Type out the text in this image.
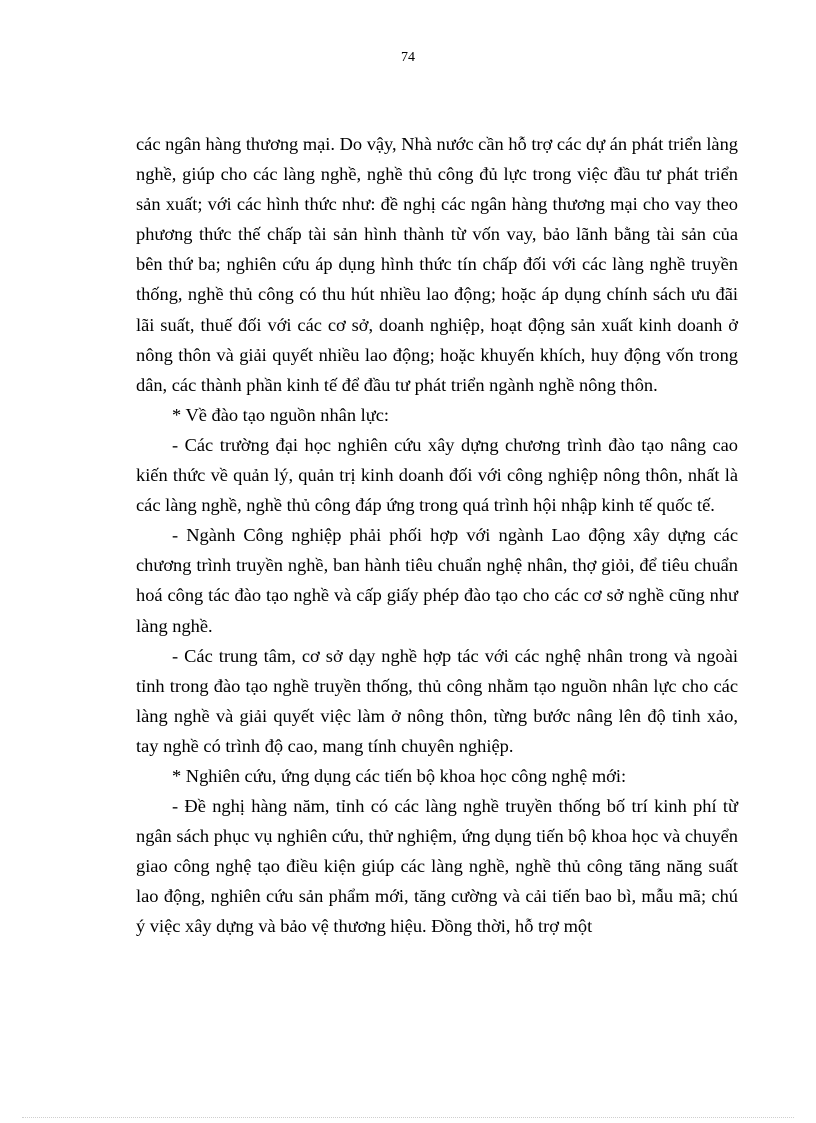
74

các ngân hàng thương mại. Do vậy, Nhà nước cần hỗ trợ các dự án phát triển làng nghề, giúp cho các làng nghề, nghề thủ công đủ lực trong việc đầu tư phát triển sản xuất; với các hình thức như: đề nghị các ngân hàng thương mại cho vay theo phương thức thế chấp tài sản hình thành từ vốn vay, bảo lãnh bằng tài sản của bên thứ ba; nghiên cứu áp dụng hình thức tín chấp đối với các làng nghề truyền thống, nghề thủ công có thu hút nhiều lao động; hoặc áp dụng chính sách ưu đãi lãi suất, thuế đối với các cơ sở, doanh nghiệp, hoạt động sản xuất kinh doanh ở nông thôn và giải quyết nhiều lao động; hoặc khuyến khích, huy động vốn trong dân, các thành phần kinh tế để đầu tư phát triển ngành nghề nông thôn.

* Về đào tạo nguồn nhân lực:

- Các trường đại học nghiên cứu xây dựng chương trình đào tạo nâng cao kiến thức về quản lý, quản trị kinh doanh đối với công nghiệp nông thôn, nhất là các làng nghề, nghề thủ công đáp ứng trong quá trình hội nhập kinh tế quốc tế.

- Ngành Công nghiệp phải phối hợp với ngành Lao động xây dựng các chương trình truyền nghề, ban hành tiêu chuẩn nghệ nhân, thợ giỏi, để tiêu chuẩn hoá công tác đào tạo nghề và cấp giấy phép đào tạo cho các cơ sở nghề cũng như làng nghề.

- Các trung tâm, cơ sở dạy nghề hợp tác với các nghệ nhân trong và ngoài tỉnh trong đào tạo nghề truyền thống, thủ công nhằm tạo nguồn nhân lực cho các làng nghề và giải quyết việc làm ở nông thôn, từng bước nâng lên độ tinh xảo, tay nghề có trình độ cao, mang tính chuyên nghiệp.

* Nghiên cứu, ứng dụng các tiến bộ khoa học công nghệ mới:

- Đề nghị hàng năm, tỉnh có các làng nghề truyền thống bố trí kinh phí từ ngân sách phục vụ nghiên cứu, thử nghiệm, ứng dụng tiến bộ khoa học và chuyển giao công nghệ tạo điều kiện giúp các làng nghề, nghề thủ công tăng năng suất lao động, nghiên cứu sản phẩm mới, tăng cường và cải tiến bao bì, mẫu mã; chú ý việc xây dựng và bảo vệ thương hiệu. Đồng thời, hỗ trợ một
